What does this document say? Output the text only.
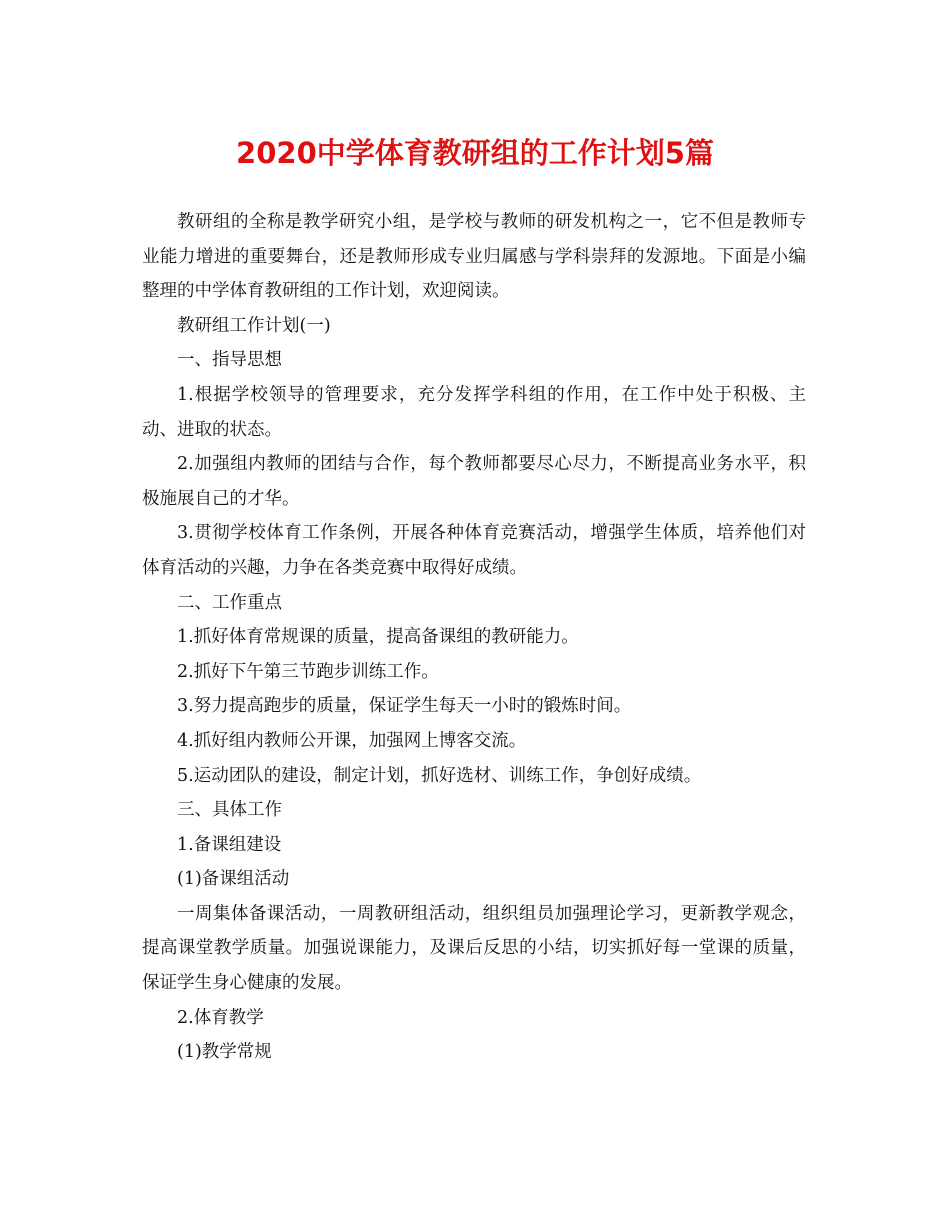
2020中学体育教研组的工作计划5篇

教研组的全称是教学研究小组，是学校与教师的研发机构之一，它不但是教师专业能力增进的重要舞台，还是教师形成专业归属感与学科崇拜的发源地。下面是小编整理的中学体育教研组的工作计划，欢迎阅读。

教研组工作计划(一)

一、指导思想

1.根据学校领导的管理要求，充分发挥学科组的作用，在工作中处于积极、主动、进取的状态。

2.加强组内教师的团结与合作，每个教师都要尽心尽力，不断提高业务水平，积极施展自己的才华。

3.贯彻学校体育工作条例，开展各种体育竞赛活动，增强学生体质，培养他们对体育活动的兴趣，力争在各类竞赛中取得好成绩。

二、工作重点

1.抓好体育常规课的质量，提高备课组的教研能力。

2.抓好下午第三节跑步训练工作。

3.努力提高跑步的质量，保证学生每天一小时的锻炼时间。

4.抓好组内教师公开课，加强网上博客交流。

5.运动团队的建设，制定计划，抓好选材、训练工作，争创好成绩。

三、具体工作

1.备课组建设

(1)备课组活动

一周集体备课活动，一周教研组活动，组织组员加强理论学习，更新教学观念，提高课堂教学质量。加强说课能力，及课后反思的小结，切实抓好每一堂课的质量，保证学生身心健康的发展。

2.体育教学

(1)教学常规
